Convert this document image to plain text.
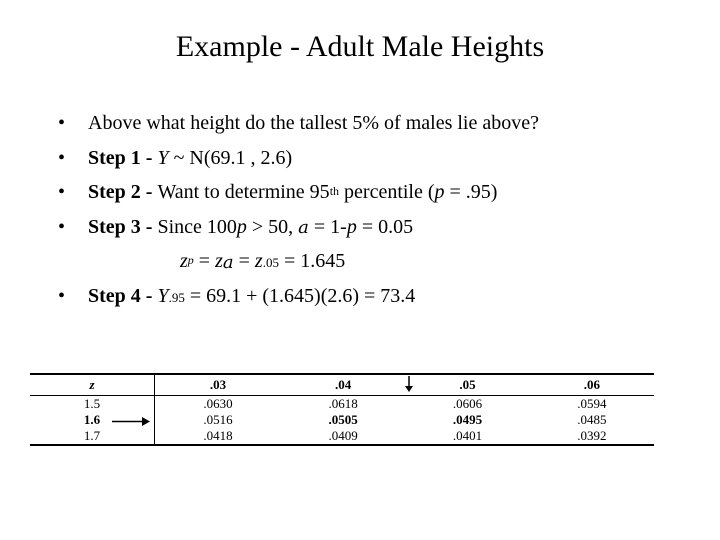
Example - Adult Male Heights
• Above what height do the tallest 5% of males lie above?
• Step 1 - Y ~ N(69.1 , 2.6)
• Step 2 - Want to determine 95th percentile (p = .95)
• Step 3 - Since 100p > 50, a = 1-p = 0.05
$z^p = z_a = z_{.05} = 1.645$
• Step $4 - Y_{.95} = 69.1 + (1.645)(2.6) = 73.4$
z	.03	.04	.05	.06
1.5	.0630	.0618	.0606	.0594
1.6	.0516	.0505	.0495	.0485
1.7	.0418	.0409	.0401	.0392
